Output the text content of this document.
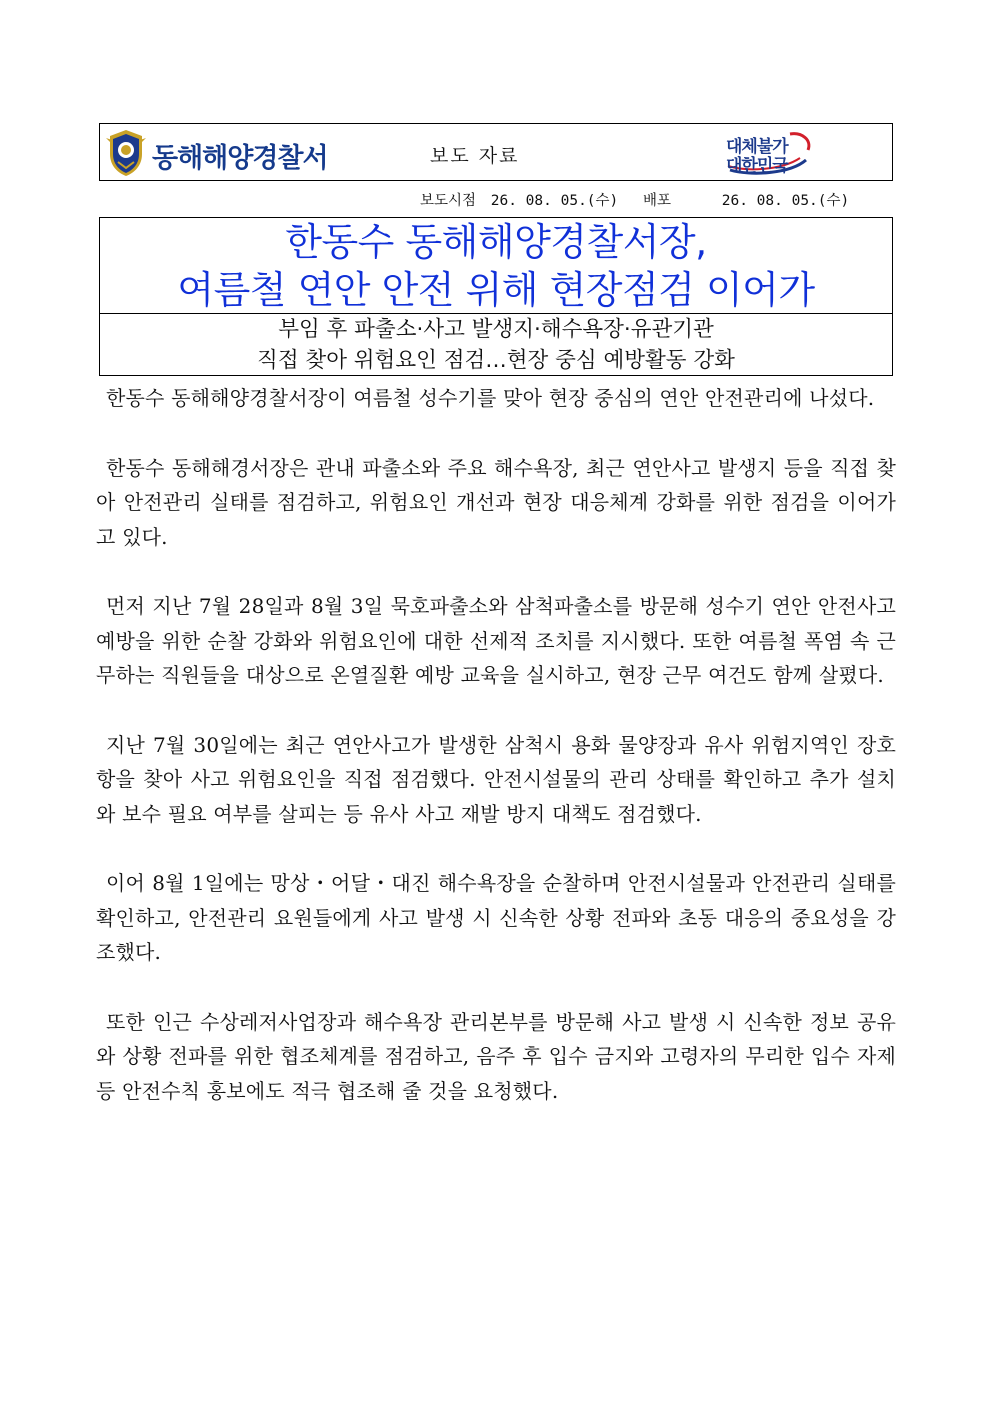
동해해양경찰서	보도 자료	대체불가
대한민국
보도시점 26. 08. 05.(수) 배포	26. 08. 05.(수)
한동수 동해해양경찰서장,
여름철 연안 안전 위해 현장점검 이어가
부임 후 파출소·사고 발생지·해수욕장·유관기관
직접 찾아 위험요인 점검…현장 중심 예방활동 강화

한동수 동해해양경찰서장이 여름철 성수기를 맞아 현장 중심의 연안 안전관리에 나섰다.

한동수 동해해경서장은 관내 파출소와 주요 해수욕장, 최근 연안사고 발생지 등을 직접 찾아 안전관리 실태를 점검하고, 위험요인 개선과 현장 대응체계 강화를 위한 점검을 이어가고 있다.

먼저 지난 7월 28일과 8월 3일 묵호파출소와 삼척파출소를 방문해 성수기 연안 안전사고 예방을 위한 순찰 강화와 위험요인에 대한 선제적 조치를 지시했다. 또한 여름철 폭염 속 근무하는 직원들을 대상으로 온열질환 예방 교육을 실시하고, 현장 근무 여건도 함께 살폈다.

지난 7월 30일에는 최근 연안사고가 발생한 삼척시 용화 물양장과 유사 위험지역인 장호항을 찾아 사고 위험요인을 직접 점검했다. 안전시설물의 관리 상태를 확인하고 추가 설치와 보수 필요 여부를 살피는 등 유사 사고 재발 방지 대책도 점검했다.

이어 8월 1일에는 망상・어달・대진 해수욕장을 순찰하며 안전시설물과 안전관리 실태를 확인하고, 안전관리 요원들에게 사고 발생 시 신속한 상황 전파와 초동 대응의 중요성을 강조했다.

또한 인근 수상레저사업장과 해수욕장 관리본부를 방문해 사고 발생 시 신속한 정보 공유와 상황 전파를 위한 협조체계를 점검하고, 음주 후 입수 금지와 고령자의 무리한 입수 자제 등 안전수칙 홍보에도 적극 협조해 줄 것을 요청했다.
